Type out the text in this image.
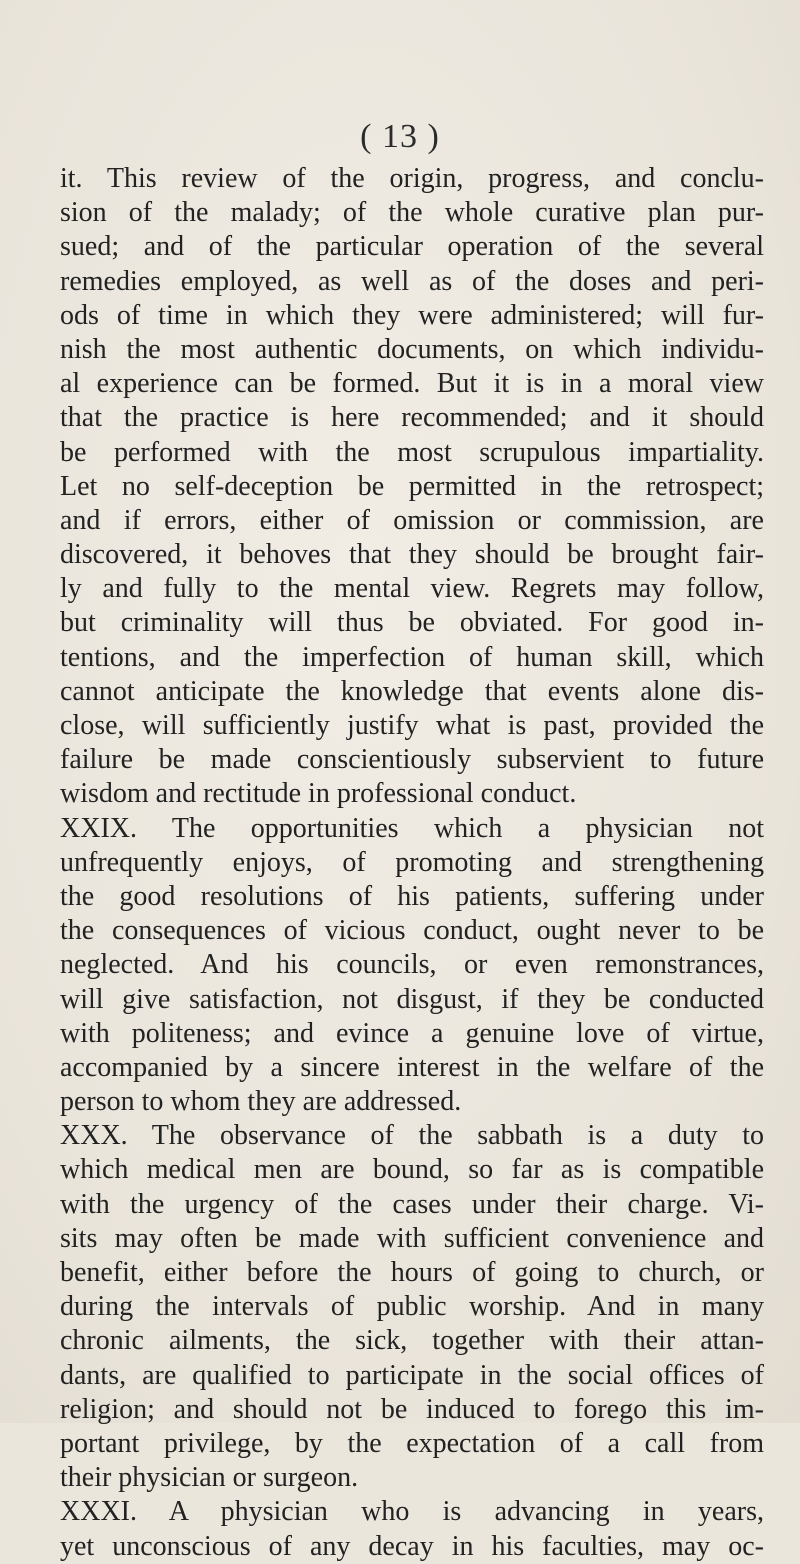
( 13 )
it. This review of the origin, progress, and conclu-
sion of the malady; of the whole curative plan pur-
sued; and of the particular operation of the several
remedies employed, as well as of the doses and peri-
ods of time in which they were administered; will fur-
nish the most authentic documents, on which individu-
al experience can be formed. But it is in a moral view
that the practice is here recommended; and it should
be performed with the most scrupulous impartiality.
Let no self-deception be permitted in the retrospect;
and if errors, either of omission or commission, are
discovered, it behoves that they should be brought fair-
ly and fully to the mental view. Regrets may follow,
but criminality will thus be obviated. For good in-
tentions, and the imperfection of human skill, which
cannot anticipate the knowledge that events alone dis-
close, will sufficiently justify what is past, provided the
failure be made conscientiously subservient to future
wisdom and rectitude in professional conduct.
XXIX. The opportunities which a physician not
unfrequently enjoys, of promoting and strengthening
the good resolutions of his patients, suffering under
the consequences of vicious conduct, ought never to be
neglected. And his councils, or even remonstrances,
will give satisfaction, not disgust, if they be conducted
with politeness; and evince a genuine love of virtue,
accompanied by a sincere interest in the welfare of the
person to whom they are addressed.
XXX. The observance of the sabbath is a duty to
which medical men are bound, so far as is compatible
with the urgency of the cases under their charge. Vi-
sits may often be made with sufficient convenience and
benefit, either before the hours of going to church, or
during the intervals of public worship. And in many
chronic ailments, the sick, together with their attan-
dants, are qualified to participate in the social offices of
religion; and should not be induced to forego this im-
portant privilege, by the expectation of a call from
their physician or surgeon.
XXXI. A physician who is advancing in years,
yet unconscious of any decay in his faculties, may oc-
